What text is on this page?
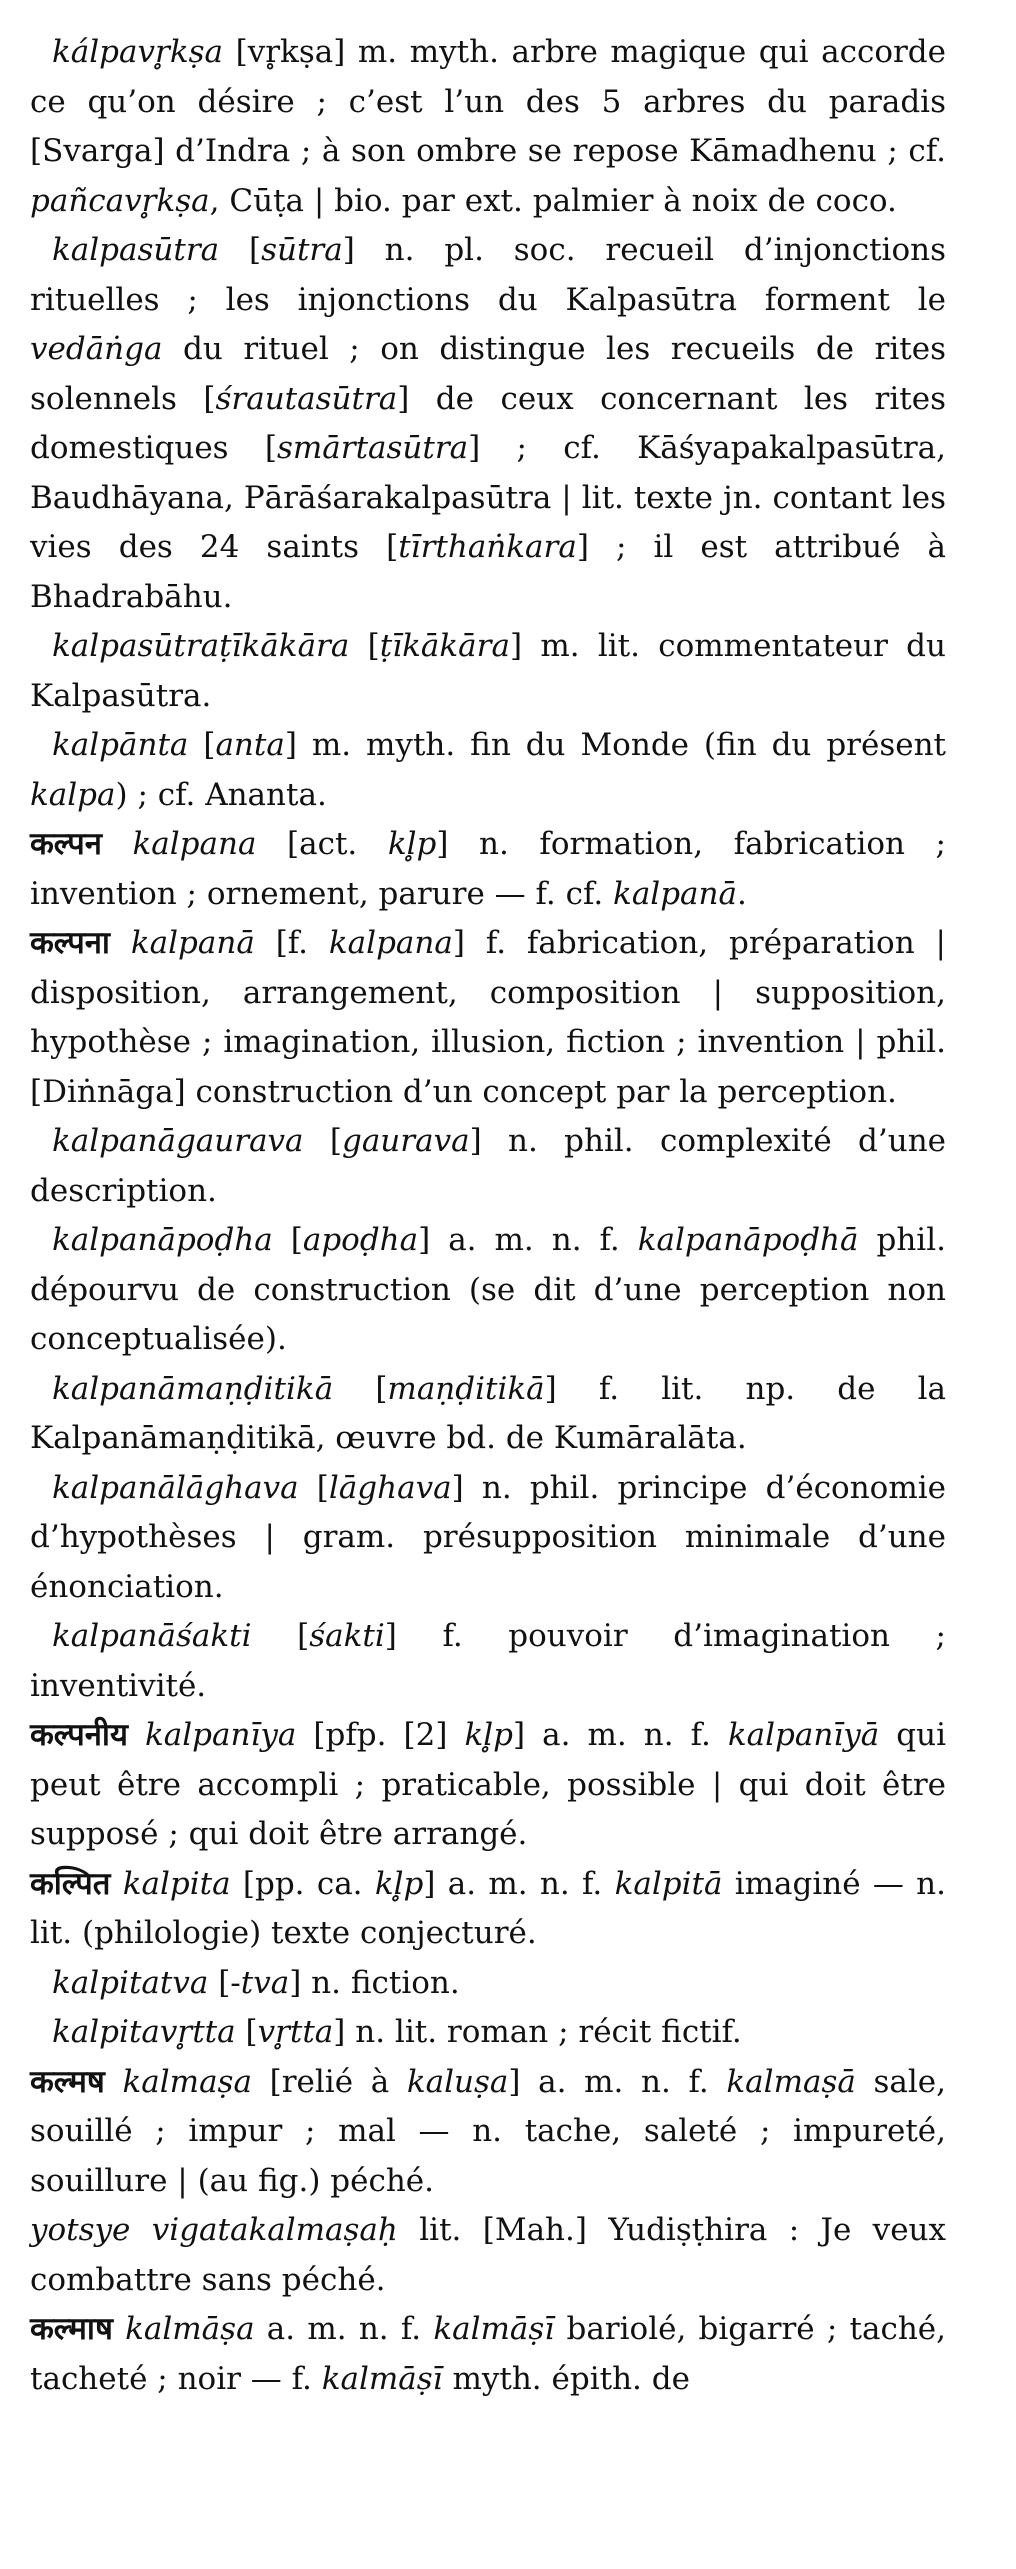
kálpavr̥kṣa [vr̥kṣa] m. myth. arbre magique qui accorde ce qu’on désire ; c’est l’un des 5 arbres du paradis [Svarga] d’Indra ; à son ombre se repose Kāmadhenu ; cf. pañcavr̥kṣa, Cūṭa | bio. par ext. palmier à noix de coco.

kalpasūtra [sūtra] n. pl. soc. recueil d’injonctions rituelles ; les injonctions du Kalpasūtra forment le vedāṅga du rituel ; on distingue les recueils de rites solennels [śrautasūtra] de ceux concernant les rites domestiques [smārtasūtra] ; cf. Kāśyapakalpasūtra, Baudhāyana, Pārāśarakalpasūtra | lit. texte jn. contant les vies des 24 saints [tīrthaṅkara] ; il est attribué à Bhadrabāhu.

kalpasūtraṭīkākāra [ṭīkākāra] m. lit. commentateur du Kalpasūtra.

kalpānta [anta] m. myth. fin du Monde (fin du présent kalpa) ; cf. Ananta.

कल्पन kalpana [act. kl̥p] n. formation, fabrication ; invention ; ornement, parure — f. cf. kalpanā.

कल्पना kalpanā [f. kalpana] f. fabrication, préparation | disposition, arrangement, composition | supposition, hypothèse ; imagination, illusion, fiction ; invention | phil. [Diṅnāga] construction d’un concept par la perception.

kalpanāgaurava [gaurava] n. phil. complexité d’une description.

kalpanāpoḍha [apoḍha] a. m. n. f. kalpanāpoḍhā phil. dépourvu de construction (se dit d’une perception non conceptualisée).

kalpanāmaṇḍitikā [maṇḍitikā] f. lit. np. de la Kalpanāmaṇḍitikā, œuvre bd. de Kumāralāta.

kalpanālāghava [lāghava] n. phil. principe d’économie d’hypothèses | gram. présupposition minimale d’une énonciation.

kalpanāśakti [śakti] f. pouvoir d’imagination ; inventivité.

कल्पनीय kalpanīya [pfp. [2] kl̥p] a. m. n. f. kalpanīyā qui peut être accompli ; praticable, possible | qui doit être supposé ; qui doit être arrangé.

कल्पित kalpita [pp. ca. kl̥p] a. m. n. f. kalpitā imaginé — n. lit. (philologie) texte conjecturé.

kalpitatva [-tva] n. fiction.

kalpitavr̥tta [vr̥tta] n. lit. roman ; récit fictif.

कल्मष kalmaṣa [relié à kaluṣa] a. m. n. f. kalmaṣā sale, souillé ; impur ; mal — n. tache, saleté ; impureté, souillure | (au fig.) péché.

yotsye vigatakalmaṣaḥ lit. [Mah.] Yudiṣṭhira : Je veux combattre sans péché.

कल्माष kalmāṣa a. m. n. f. kalmāṣī bariolé, bigarré ; taché, tacheté ; noir — f. kalmāṣī myth. épith. de
